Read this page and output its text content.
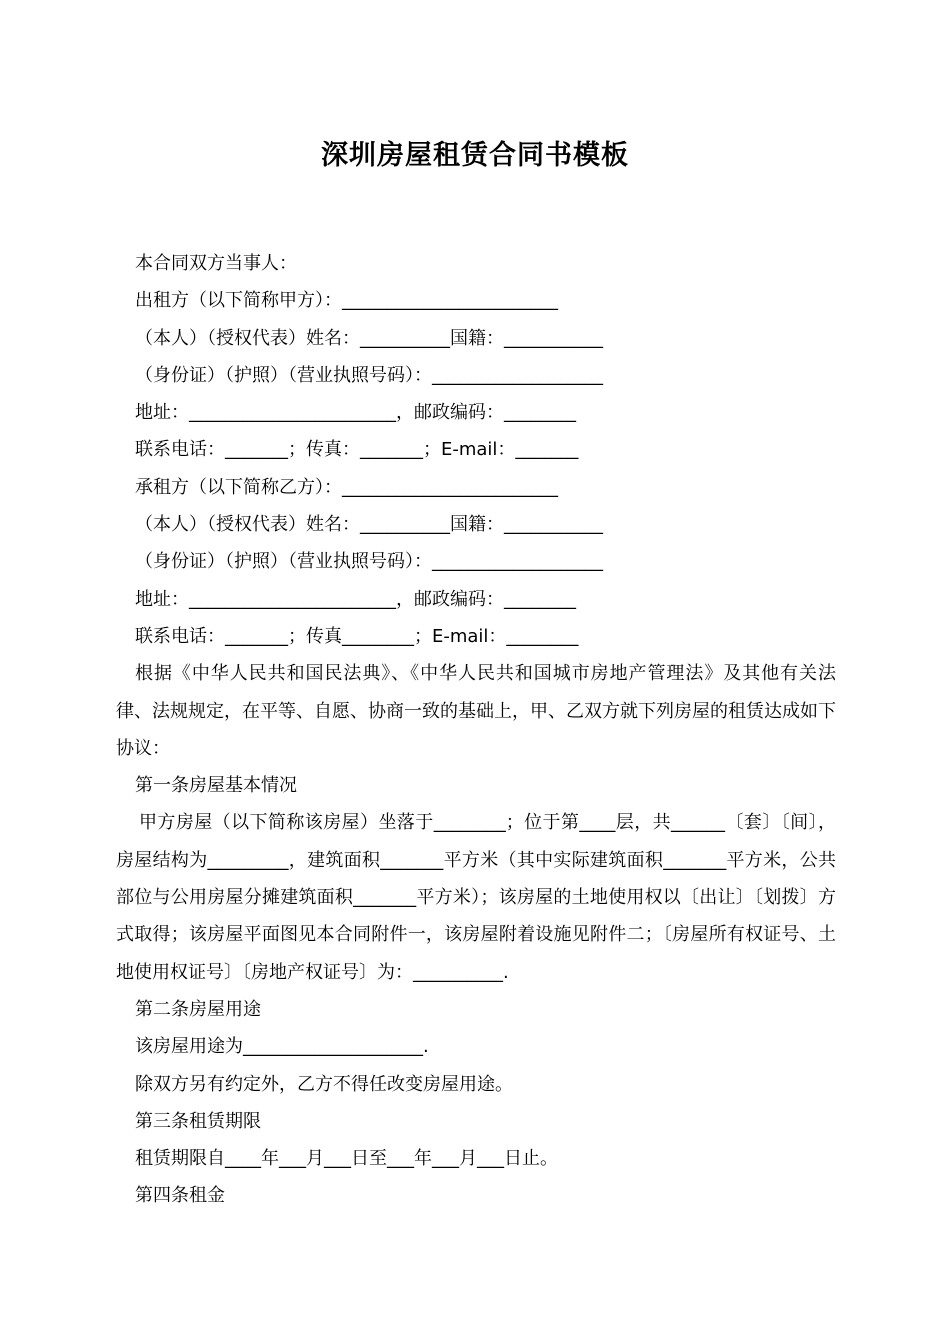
深圳房屋租赁合同书模板
本合同双方当事人：
出租方（以下简称甲方）：________________________
（本人）（授权代表）姓名：__________国籍：___________
（身份证）（护照）（营业执照号码）：___________________
地址：_______________________，邮政编码：________
联系电话：_______；传真：_______；E-mail：_______
承租方（以下简称乙方）：________________________
（本人）（授权代表）姓名：__________国籍：___________
（身份证）（护照）（营业执照号码）：___________________
地址：_______________________，邮政编码：________
联系电话：_______；传真________；E-mail：________
根据《中华人民共和国民法典》、《中华人民共和国城市房地产管理法》及其他有关法律、法规规定，在平等、自愿、协商一致的基础上，甲、乙双方就下列房屋的租赁达成如下协议：
第一条房屋基本情况
甲方房屋（以下简称该房屋）坐落于________；位于第____层，共______〔套〕〔间〕，房屋结构为_________，建筑面积_______平方米（其中实际建筑面积_______平方米，公共部位与公用房屋分摊建筑面积_______平方米）；该房屋的土地使用权以〔出让〕〔划拨〕方式取得；该房屋平面图见本合同附件一，该房屋附着设施见附件二；〔房屋所有权证号、土地使用权证号〕〔房地产权证号〕为：__________.
第二条房屋用途
该房屋用途为____________________.
除双方另有约定外，乙方不得任改变房屋用途。
第三条租赁期限
租赁期限自____年___月___日至___年___月___日止。
第四条租金
